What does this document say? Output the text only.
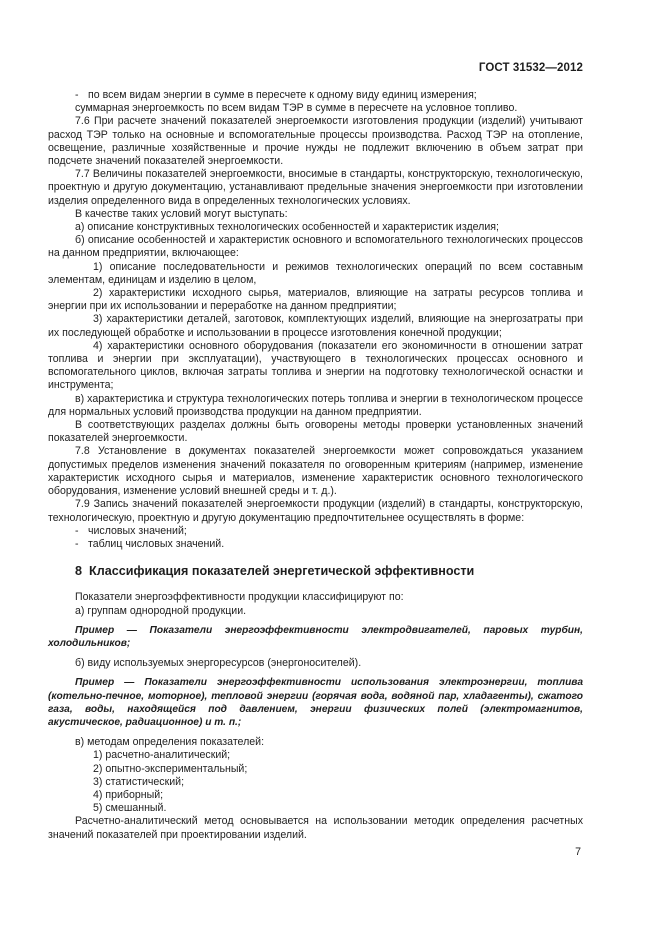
ГОСТ 31532—2012

- по всем видам энергии в сумме в пересчете к одному виду единиц измерения;

суммарная энергоемкость по всем видам ТЭР в сумме в пересчете на условное топливо.

7.6 При расчете значений показателей энергоемкости изготовления продукции (изделий) учитывают расход ТЭР только на основные и вспомогательные процессы производства. Расход ТЭР на отопление, освещение, различные хозяйственные и прочие нужды не подлежит включению в объем затрат при подсчете значений показателей энергоемкости.

7.7 Величины показателей энергоемкости, вносимые в стандарты, конструкторскую, технологическую, проектную и другую документацию, устанавливают предельные значения энергоемкости при изготовлении изделия определенного вида в определенных технологических условиях.

В качестве таких условий могут выступать:

а) описание конструктивных технологических особенностей и характеристик изделия;

б) описание особенностей и характеристик основного и вспомогательного технологических процессов на данном предприятии, включающее:

1) описание последовательности и режимов технологических операций по всем составным элементам, единицам и изделию в целом,

2) характеристики исходного сырья, материалов, влияющие на затраты ресурсов топлива и энергии при их использовании и переработке на данном предприятии;

3) характеристики деталей, заготовок, комплектующих изделий, влияющие на энергозатраты при их последующей обработке и использовании в процессе изготовления конечной продукции;

4) характеристики основного оборудования (показатели его экономичности в отношении затрат топлива и энергии при эксплуатации), участвующего в технологических процессах основного и вспомогательного циклов, включая затраты топлива и энергии на подготовку технологической оснастки и инструмента;

в) характеристика и структура технологических потерь топлива и энергии в технологическом процессе для нормальных условий производства продукции на данном предприятии.

В соответствующих разделах должны быть оговорены методы проверки установленных значений показателей энергоемкости.

7.8 Установление в документах показателей энергоемкости может сопровождаться указанием допустимых пределов изменения значений показателя по оговоренным критериям (например, изменение характеристик исходного сырья и материалов, изменение характеристик основного технологического оборудования, изменение условий внешней среды и т. д.).

7.9 Запись значений показателей энергоемкости продукции (изделий) в стандарты, конструкторскую, технологическую, проектную и другую документацию предпочтительнее осуществлять в форме:

- числовых значений;

- таблиц числовых значений.

8 Классификация показателей энергетической эффективности

Показатели энергоэффективности продукции классифицируют по:

а) группам однородной продукции.

Пример — Показатели энергоэффективности электродвигателей, паровых турбин, холодильников;

б) виду используемых энергоресурсов (энергоносителей).

Пример — Показатели энергоэффективности использования электроэнергии, топлива (котельно-печное, моторное), тепловой энергии (горячая вода, водяной пар, хладагенты), сжатого газа, воды, находящейся под давлением, энергии физических полей (электромагнитов, акустическое, радиационное) и т. п.;

в) методам определения показателей:

1) расчетно-аналитический;

2) опытно-экспериментальный;

3) статистический;

4) приборный;

5) смешанный.

Расчетно-аналитический метод основывается на использовании методик определения расчетных значений показателей при проектировании изделий.

7
